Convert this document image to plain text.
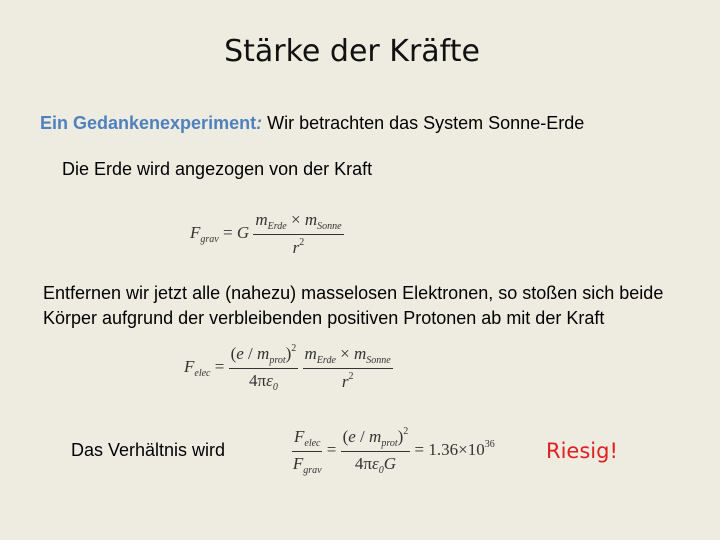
Stärke der Kräfte
Ein Gedankenexperiment: Wir betrachten das System Sonne-Erde
Die Erde wird angezogen von der Kraft
$F_{grav} = G \frac{m_{Erde} \times m_{Sonne}}{r^2}$
Entfernen wir jetzt alle (nahezu) masselosen Elektronen, so stoßen sich beide Körper aufgrund der verbleibenden positiven Protonen ab mit der Kraft
$F_{elec} = \frac{(e / m_{prot})^2}{4\pi\varepsilon_0}$
$\frac{m_{Erde} \times m_{Sonne}}{r^2}$
Das Verhältnis wird	$\frac{F_{elec}}{F_{grav}} = \frac{(e / m_{prot})^2}{4\pi\varepsilon_0G} = 1.36\times 10^{36}$ Riesig!
